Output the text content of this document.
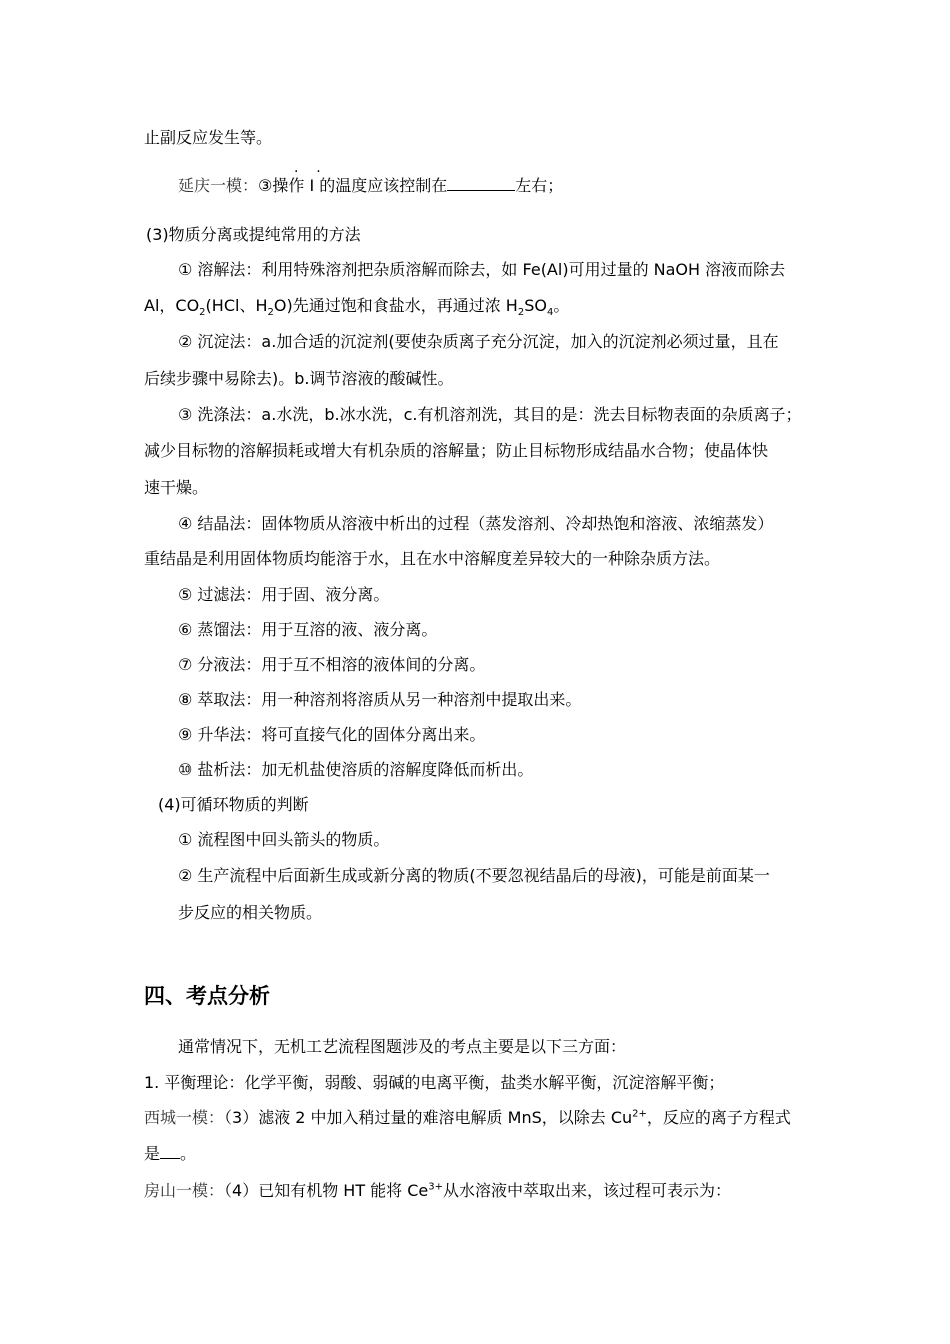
止副反应发生等。
延庆一模：· · ③操作 I 的温度应该控制在	左右；
(3)物质分离或提纯常用的方法
① 溶解法：利用特殊溶剂把杂质溶解而除去，如 Fe(Al)可用过量的 NaOH 溶液而除去
Al，$CO_2(HCl$、$H_2O$)先通过饱和食盐水，再通过浓 $H_2SO_4$。
② 沉淀法：a.加合适的沉淀剂(要使杂质离子充分沉淀，加入的沉淀剂必须过量，且在
后续步骤中易除去)。b.调节溶液的酸碱性。
③ 洗涤法：a.水洗，b.冰水洗，c.有机溶剂洗，其目的是：洗去目标物表面的杂质离子；
减少目标物的溶解损耗或增大有机杂质的溶解量；防止目标物形成结晶水合物；使晶体快
速干燥。
④ 结晶法：固体物质从溶液中析出的过程（蒸发溶剂、冷却热饱和溶液、浓缩蒸发）
重结晶是利用固体物质均能溶于水，且在水中溶解度差异较大的一种除杂质方法。
⑤ 过滤法：用于固、液分离。
⑥ 蒸馏法：用于互溶的液、液分离。
⑦ 分液法：用于互不相溶的液体间的分离。
⑧ 萃取法：用一种溶剂将溶质从另一种溶剂中提取出来。
⑨ 升华法：将可直接气化的固体分离出来。
⑩ 盐析法：加无机盐使溶质的溶解度降低而析出。
(4)可循环物质的判断
① 流程图中回头箭头的物质。
② 生产流程中后面新生成或新分离的物质(不要忽视结晶后的母液)，可能是前面某一
步反应的相关物质。
四、考点分析
通常情况下，无机工艺流程图题涉及的考点主要是以下三方面：
1. 平衡理论：化学平衡，弱酸、弱碱的电离平衡，盐类水解平衡，沉淀溶解平衡；
西城一模：（3）滤液 2 中加入稍过量的难溶电解质 MnS，以除去 $Cu^{2+}$，反应的离子方程式
是 。
房山一模：（4）已知有机物 HT 能将 $Ce^{3+}$从水溶液中萃取出来，该过程可表示为：
